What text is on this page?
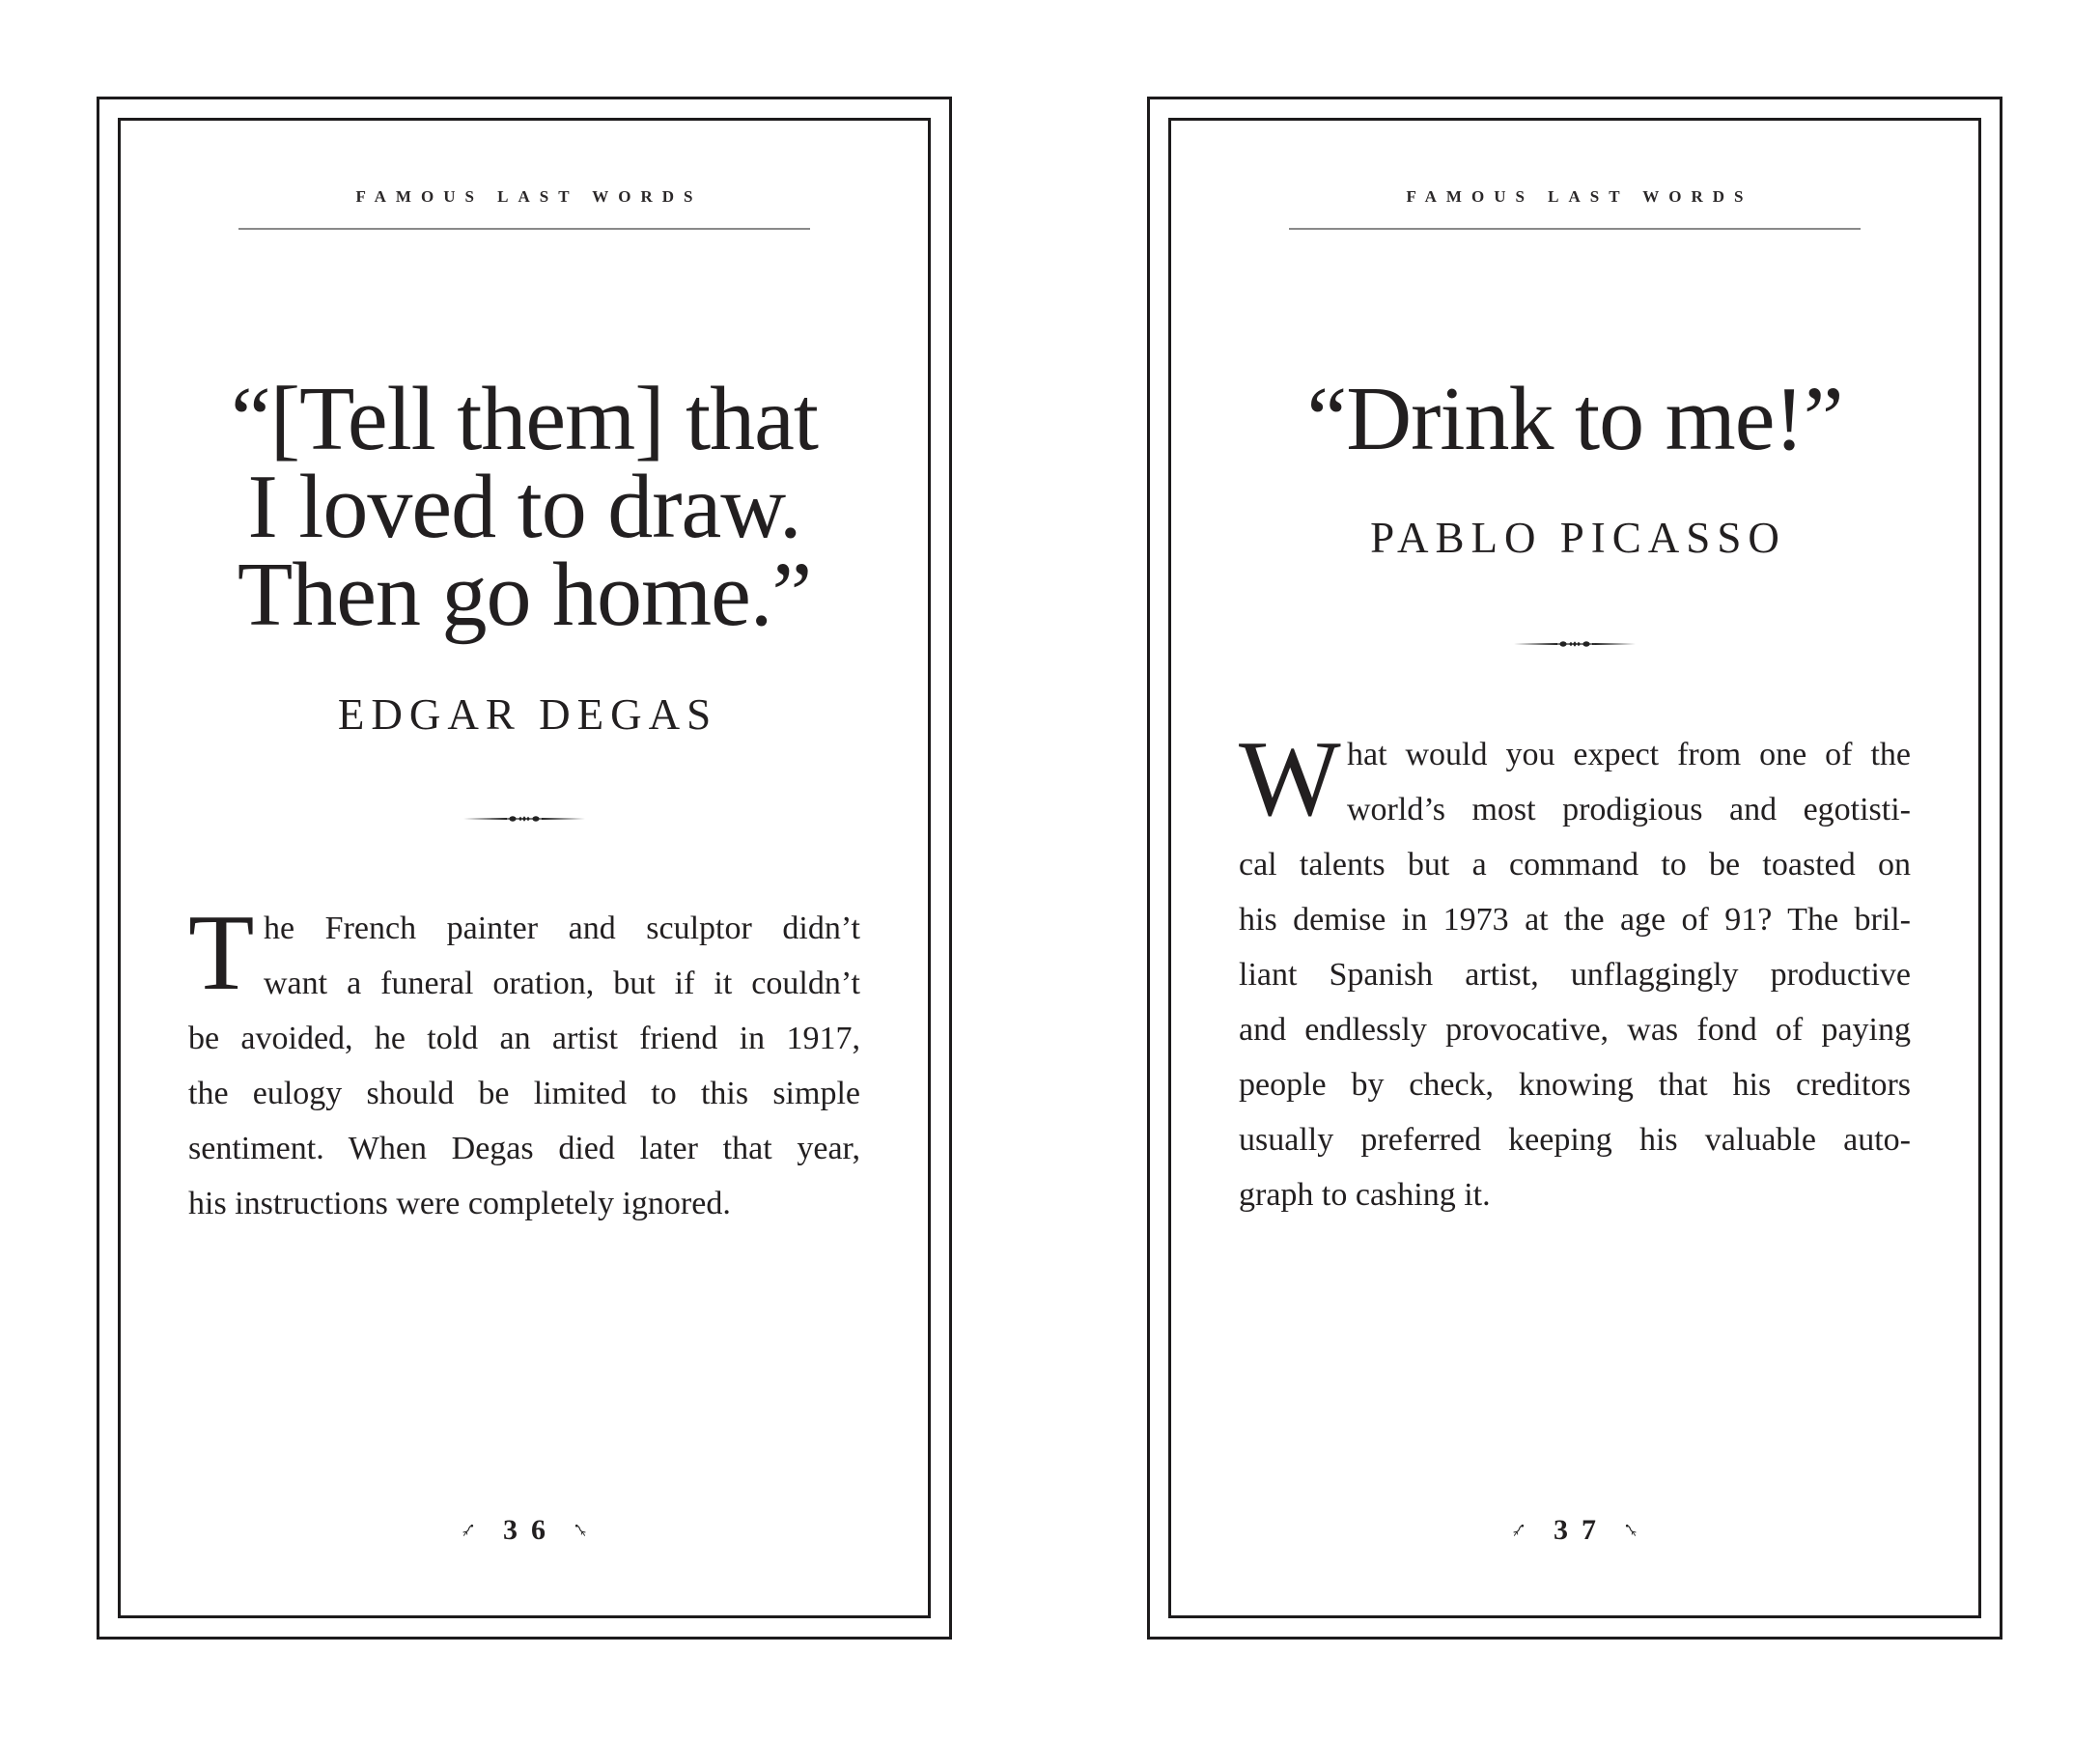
FAMOUS LAST WORDS
“[Tell them] that
I loved to draw.
Then go home.”
EDGAR DEGAS
T he French painter and sculptor didn’t
want a funeral oration, but if it couldn’t
be avoided, he told an artist friend in 1917,
the eulogy should be limited to this simple
sentiment. When Degas died later that year,
his instructions were completely ignored.
36
FAMOUS LAST WORDS
“Drink to me!”
PABLO PICASSO
W hat would you expect from one of the
world’s most prodigious and egotisti-
cal talents but a command to be toasted on
his demise in 1973 at the age of 91? The bril-
liant Spanish artist, unflaggingly productive
and endlessly provocative, was fond of paying
people by check, knowing that his creditors
usually preferred keeping his valuable auto-
graph to cashing it.
37
